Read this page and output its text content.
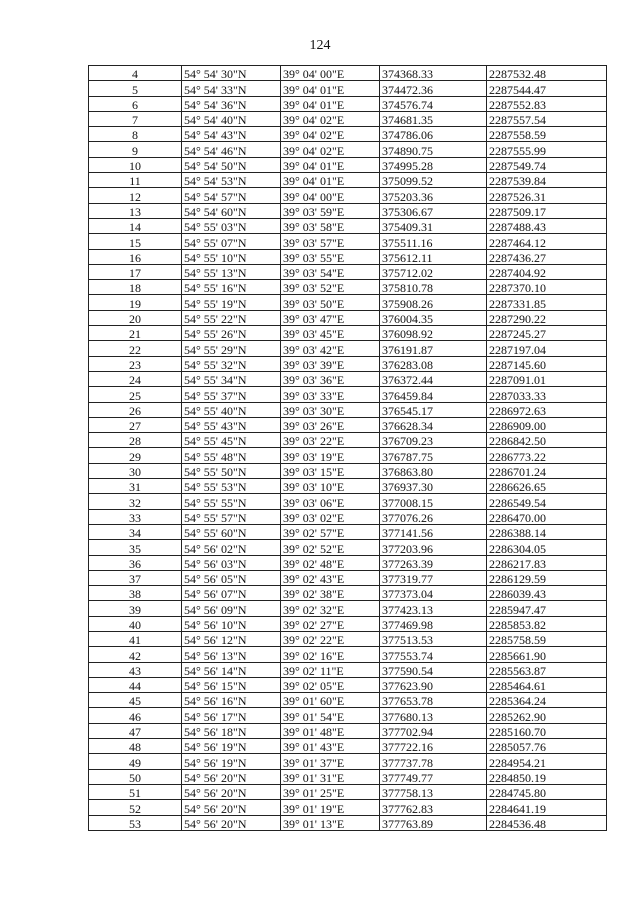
124
4	54° 54' 30"N	39° 04' 00"E	374368.33	2287532.48
5	54° 54' 33"N	39° 04' 01"E	374472.36	2287544.47
6	54° 54' 36"N	39° 04' 01"E	374576.74	2287552.83
7	54° 54' 40"N	39° 04' 02"E	374681.35	2287557.54
8	54° 54' 43"N	39° 04' 02"E	374786.06	2287558.59
9	54° 54' 46"N	39° 04' 02"E	374890.75	2287555.99
10	54° 54' 50"N	39° 04' 01"E	374995.28	2287549.74
11	54° 54' 53"N	39° 04' 01"E	375099.52	2287539.84
12	54° 54' 57"N	39° 04' 00"E	375203.36	2287526.31
13	54° 54' 60"N	39° 03' 59"E	375306.67	2287509.17
14	54° 55' 03"N	39° 03' 58"E	375409.31	2287488.43
15	54° 55' 07"N	39° 03' 57"E	375511.16	2287464.12
16	54° 55' 10"N	39° 03' 55"E	375612.11	2287436.27
17	54° 55' 13"N	39° 03' 54"E	375712.02	2287404.92
18	54° 55' 16"N	39° 03' 52"E	375810.78	2287370.10
19	54° 55' 19"N	39° 03' 50"E	375908.26	2287331.85
20	54° 55' 22"N	39° 03' 47"E	376004.35	2287290.22
21	54° 55' 26"N	39° 03' 45"E	376098.92	2287245.27
22	54° 55' 29"N	39° 03' 42"E	376191.87	2287197.04
23	54° 55' 32"N	39° 03' 39"E	376283.08	2287145.60
24	54° 55' 34"N	39° 03' 36"E	376372.44	2287091.01
25	54° 55' 37"N	39° 03' 33"E	376459.84	2287033.33
26	54° 55' 40"N	39° 03' 30"E	376545.17	2286972.63
27	54° 55' 43"N	39° 03' 26"E	376628.34	2286909.00
28	54° 55' 45"N	39° 03' 22"E	376709.23	2286842.50
29	54° 55' 48"N	39° 03' 19"E	376787.75	2286773.22
30	54° 55' 50"N	39° 03' 15"E	376863.80	2286701.24
31	54° 55' 53"N	39° 03' 10"E	376937.30	2286626.65
32	54° 55' 55"N	39° 03' 06"E	377008.15	2286549.54
33	54° 55' 57"N	39° 03' 02"E	377076.26	2286470.00
34	54° 55' 60"N	39° 02' 57"E	377141.56	2286388.14
35	54° 56' 02"N	39° 02' 52"E	377203.96	2286304.05
36	54° 56' 03"N	39° 02' 48"E	377263.39	2286217.83
37	54° 56' 05"N	39° 02' 43"E	377319.77	2286129.59
38	54° 56' 07"N	39° 02' 38"E	377373.04	2286039.43
39	54° 56' 09"N	39° 02' 32"E	377423.13	2285947.47
40	54° 56' 10"N	39° 02' 27"E	377469.98	2285853.82
41	54° 56' 12"N	39° 02' 22"E	377513.53	2285758.59
42	54° 56' 13"N	39° 02' 16"E	377553.74	2285661.90
43	54° 56' 14"N	39° 02' 11"E	377590.54	2285563.87
44	54° 56' 15"N	39° 02' 05"E	377623.90	2285464.61
45	54° 56' 16"N	39° 01' 60"E	377653.78	2285364.24
46	54° 56' 17"N	39° 01' 54"E	377680.13	2285262.90
47	54° 56' 18"N	39° 01' 48"E	377702.94	2285160.70
48	54° 56' 19"N	39° 01' 43"E	377722.16	2285057.76
49	54° 56' 19"N	39° 01' 37"E	377737.78	2284954.21
50	54° 56' 20"N	39° 01' 31"E	377749.77	2284850.19
51	54° 56' 20"N	39° 01' 25"E	377758.13	2284745.80
52	54° 56' 20"N	39° 01' 19"E	377762.83	2284641.19
53	54° 56' 20"N	39° 01' 13"E	377763.89	2284536.48
